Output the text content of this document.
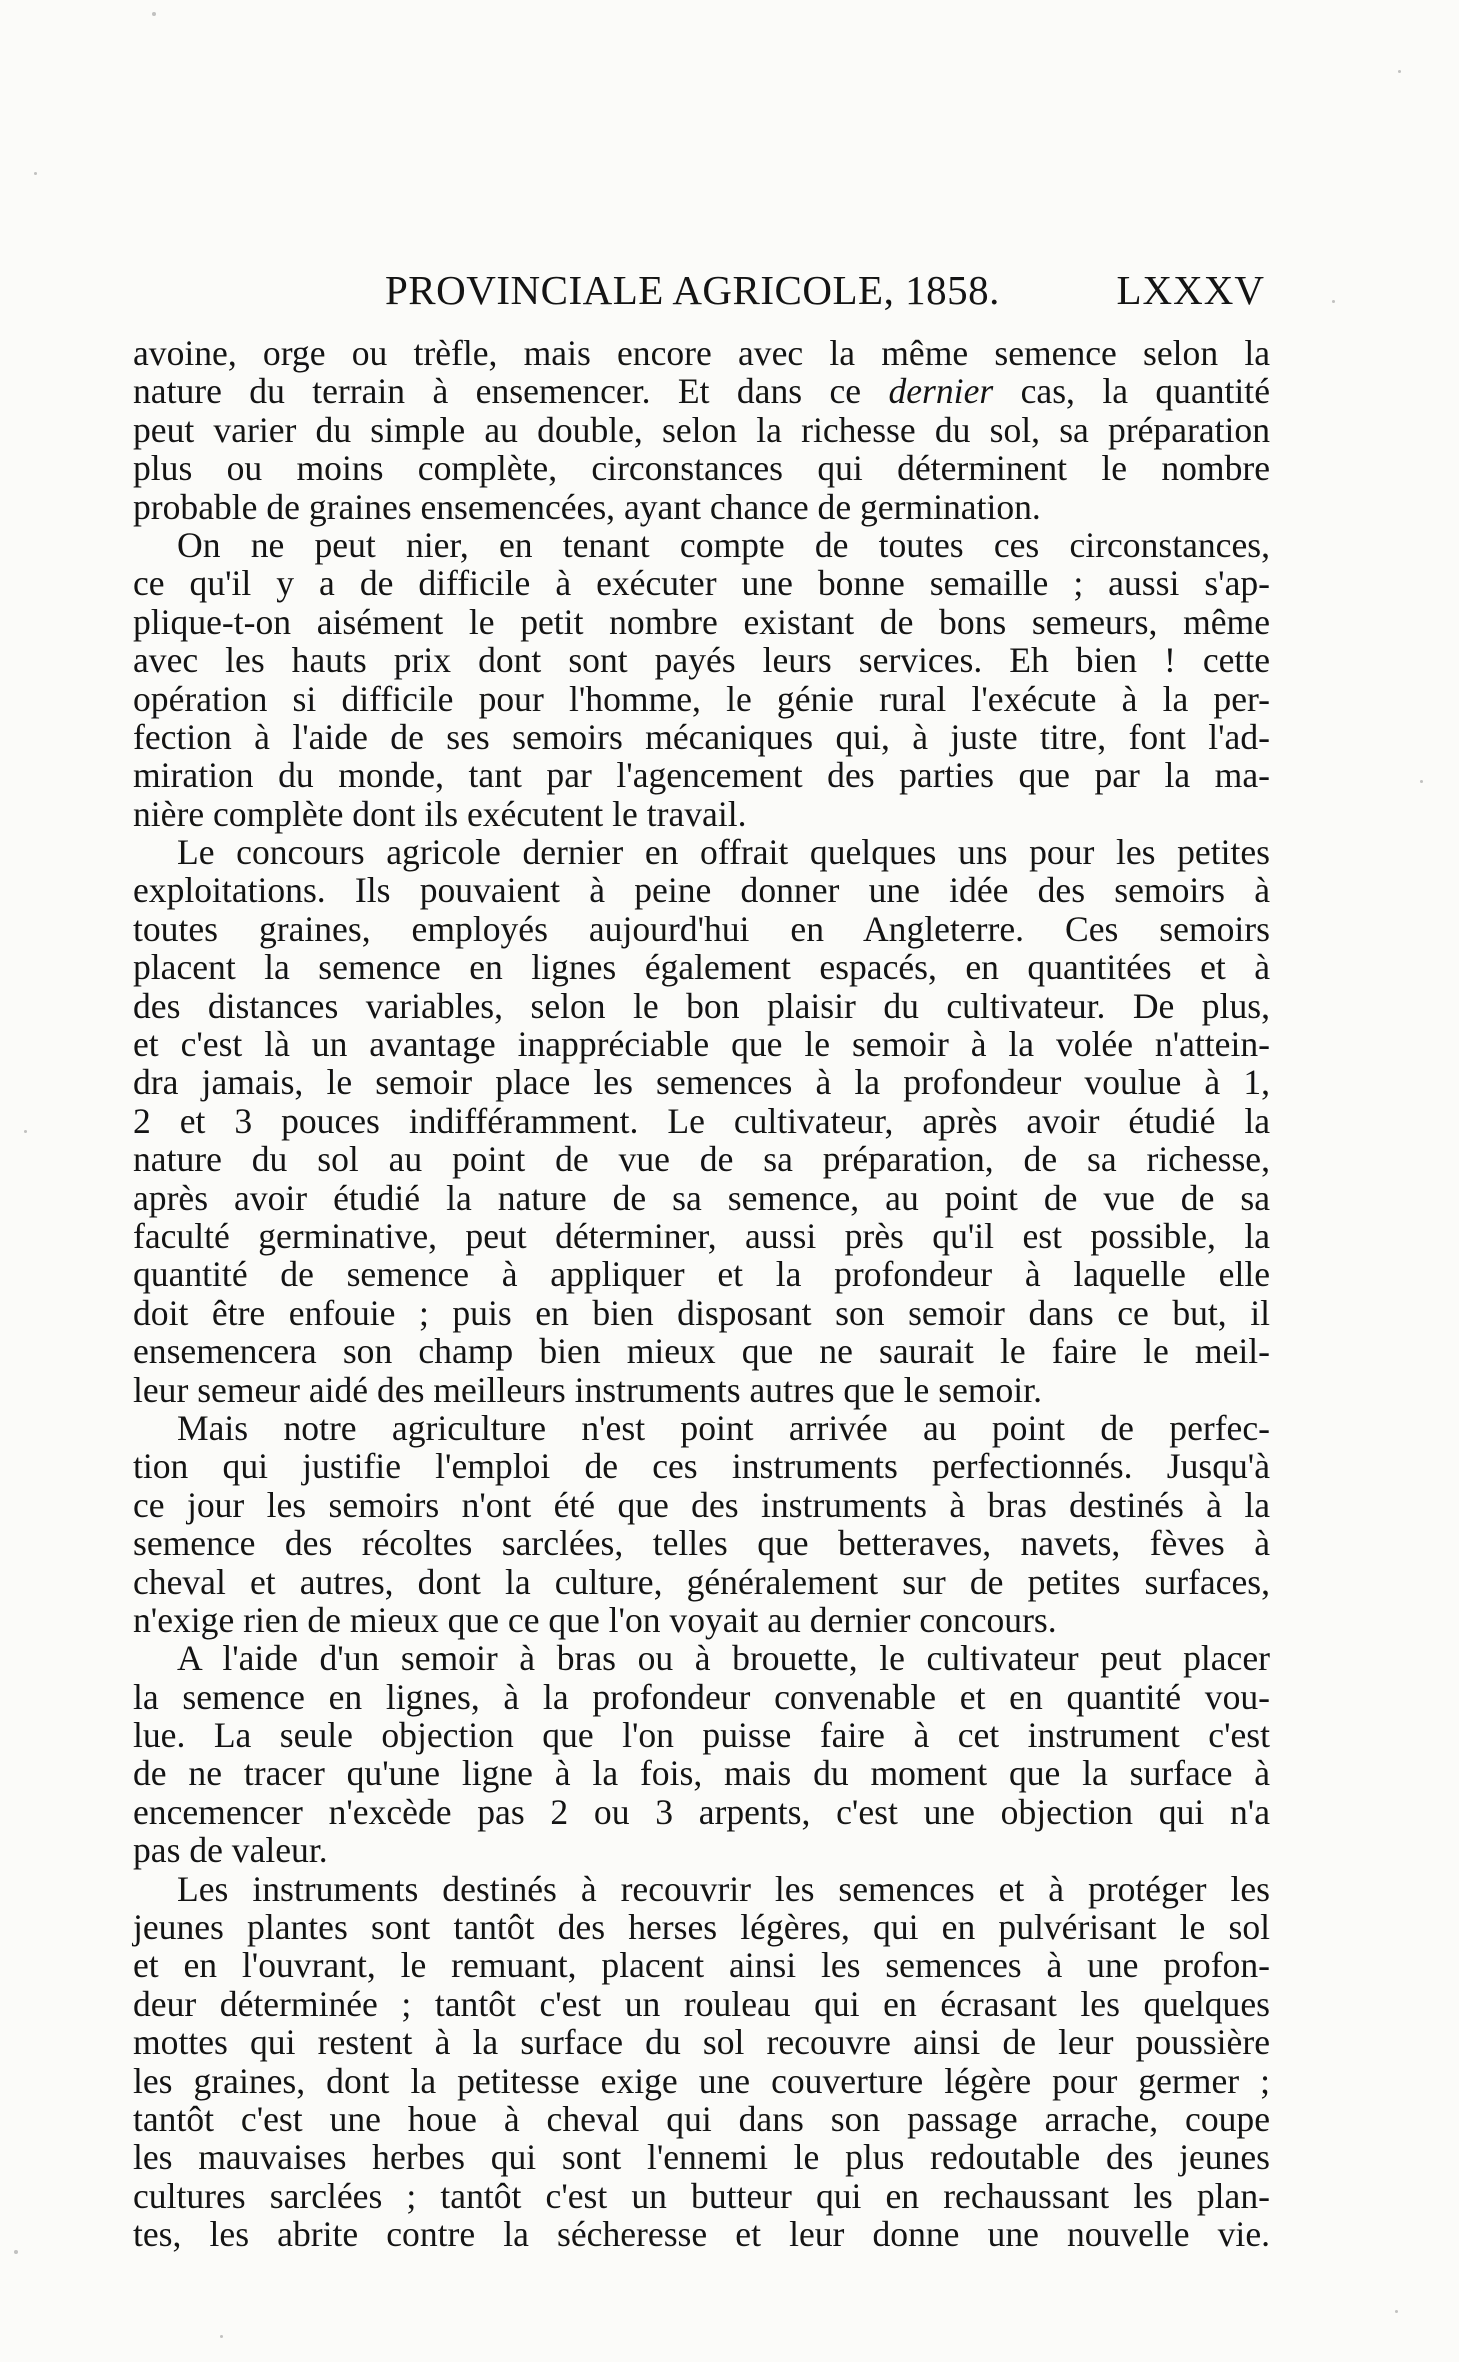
PROVINCIALE AGRICOLE, 1858.	LXXXV
avoine, orge ou trèfle, mais encore avec la même semence selon la
nature du terrain à ensemencer. Et dans ce dernier cas, la quantité
peut varier du simple au double, selon la richesse du sol, sa préparation
plus ou moins complète, circonstances qui déterminent le nombre
probable de graines ensemencées, ayant chance de germination.
On ne peut nier, en tenant compte de toutes ces circonstances,
ce qu'il y a de difficile à exécuter une bonne semaille ; aussi s'ap-
plique-t-on aisément le petit nombre existant de bons semeurs, même
avec les hauts prix dont sont payés leurs services. Eh bien ! cette
opération si difficile pour l'homme, le génie rural l'exécute à la per-
fection à l'aide de ses semoirs mécaniques qui, à juste titre, font l'ad-
miration du monde, tant par l'agencement des parties que par la ma-
nière complète dont ils exécutent le travail.
Le concours agricole dernier en offrait quelques uns pour les petites
exploitations. Ils pouvaient à peine donner une idée des semoirs à
toutes graines, employés aujourd'hui en Angleterre. Ces semoirs
placent la semence en lignes également espacés, en quantitées et à
des distances variables, selon le bon plaisir du cultivateur. De plus,
et c'est là un avantage inappréciable que le semoir à la volée n'attein-
dra jamais, le semoir place les semences à la profondeur voulue à 1,
2 et 3 pouces indifféramment. Le cultivateur, après avoir étudié la
nature du sol au point de vue de sa préparation, de sa richesse,
après avoir étudié la nature de sa semence, au point de vue de sa
faculté germinative, peut déterminer, aussi près qu'il est possible, la
quantité de semence à appliquer et la profondeur à laquelle elle
doit être enfouie ; puis en bien disposant son semoir dans ce but, il
ensemencera son champ bien mieux que ne saurait le faire le meil-
leur semeur aidé des meilleurs instruments autres que le semoir.
Mais notre agriculture n'est point arrivée au point de perfec-
tion qui justifie l'emploi de ces instruments perfectionnés. Jusqu'à
ce jour les semoirs n'ont été que des instruments à bras destinés à la
semence des récoltes sarclées, telles que betteraves, navets, fèves à
cheval et autres, dont la culture, généralement sur de petites surfaces,
n'exige rien de mieux que ce que l'on voyait au dernier concours.
A l'aide d'un semoir à bras ou à brouette, le cultivateur peut placer
la semence en lignes, à la profondeur convenable et en quantité vou-
lue. La seule objection que l'on puisse faire à cet instrument c'est
de ne tracer qu'une ligne à la fois, mais du moment que la surface à
encemencer n'excède pas 2 ou 3 arpents, c'est une objection qui n'a
pas de valeur.
Les instruments destinés à recouvrir les semences et à protéger les
jeunes plantes sont tantôt des herses légères, qui en pulvérisant le sol
et en l'ouvrant, le remuant, placent ainsi les semences à une profon-
deur déterminée ; tantôt c'est un rouleau qui en écrasant les quelques
mottes qui restent à la surface du sol recouvre ainsi de leur poussière
les graines, dont la petitesse exige une couverture légère pour germer ;
tantôt c'est une houe à cheval qui dans son passage arrache, coupe
les mauvaises herbes qui sont l'ennemi le plus redoutable des jeunes
cultures sarclées ; tantôt c'est un butteur qui en rechaussant les plan-
tes, les abrite contre la sécheresse et leur donne une nouvelle vie.
